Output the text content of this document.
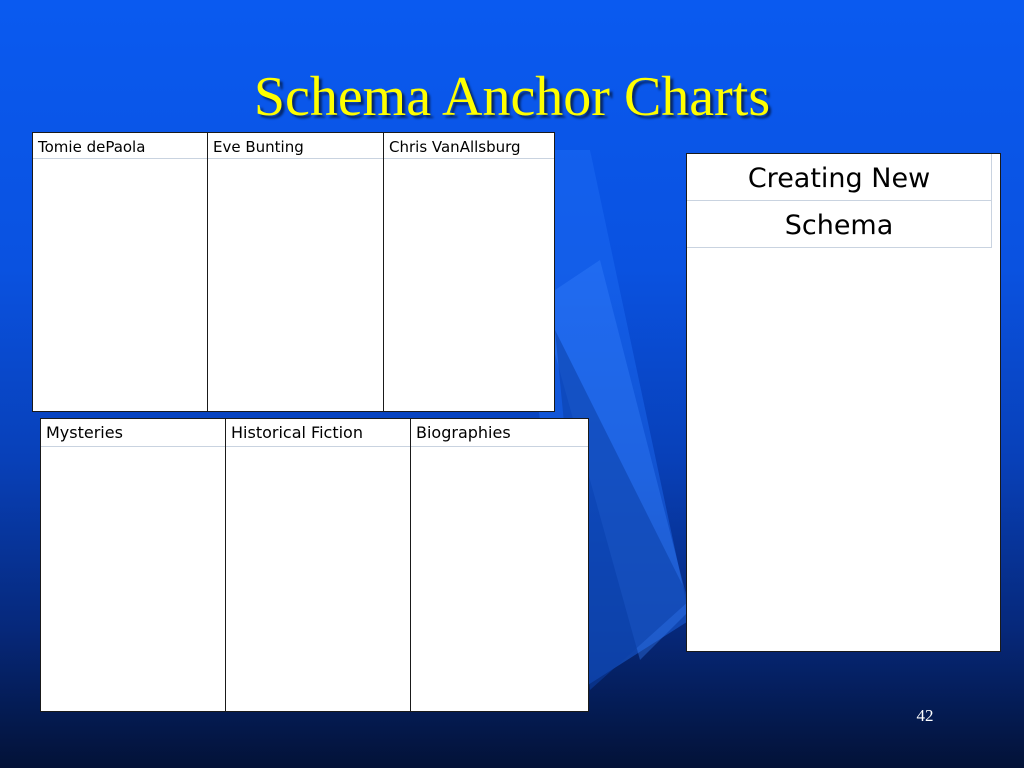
Schema Anchor Charts
Tomie dePaola	Eve Bunting	Chris VanAllsburg
Mysteries	Historical Fiction	Biographies
Creating New
Schema
42
